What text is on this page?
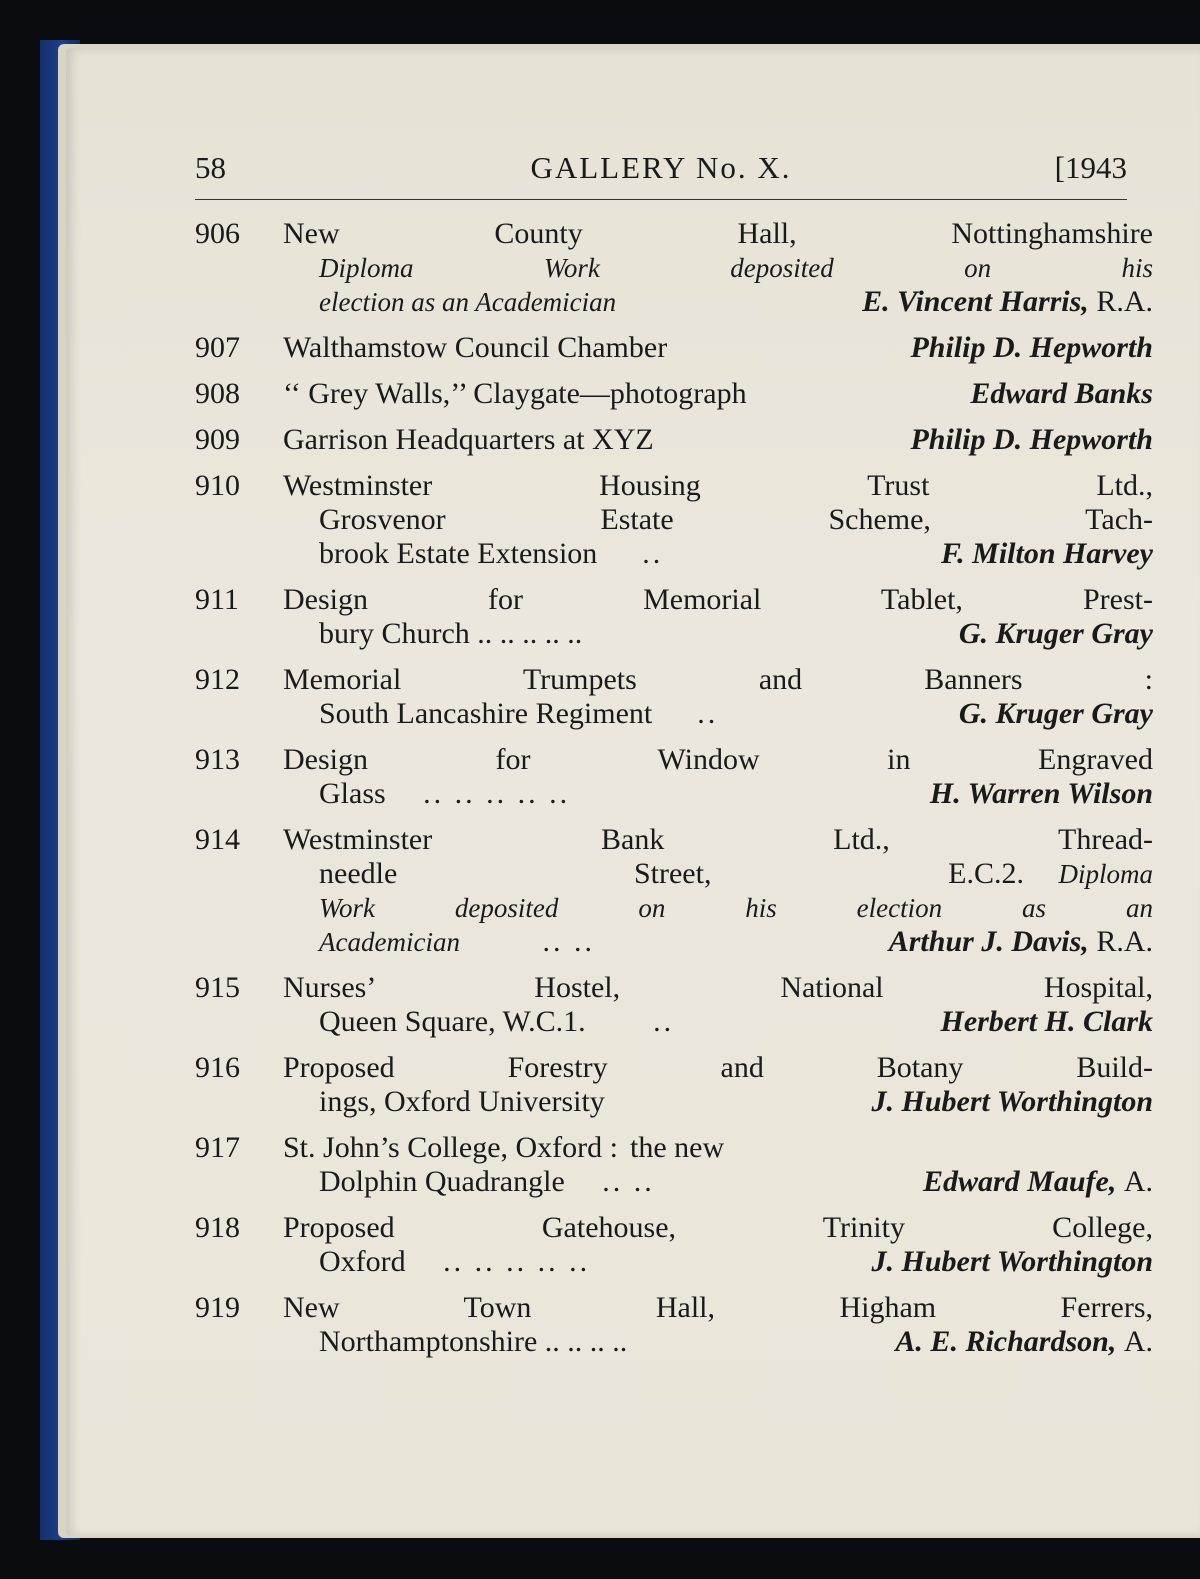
58	GALLERY No. X.	[1943
906 New County Hall, Nottinghamshire
Diploma Work deposited on his
election as an Academician	E. Vincent Harris, R.A.
907 Walthamstow Council Chamber	Philip D. Hepworth
908 ‘‘ Grey Walls,’’ Claygate—photograph	Edward Banks
909 Garrison Headquarters at XYZ	Philip D. Hepworth
910 Westminster Housing Trust Ltd.,
Grosvenor Estate Scheme, Tach-
brook Estate Extension ..	F. Milton Harvey
911 Design for Memorial Tablet, Prest-
bury Church .. .. .. .. ..	G. Kruger Gray
912 Memorial Trumpets and Banners :
South Lancashire Regiment ..	G. Kruger Gray
913 Design for Window in Engraved
Glass .. .. .. .. ..	H. Warren Wilson
914 Westminster Bank Ltd., Thread-
needle Street, E.C.2.	Diploma
Work deposited on his election as an
Academician	.. ..	Arthur J. Davis, R.A.
915 Nurses’ Hostel, National Hospital,
Queen Square, W.C.1. ..	Herbert H. Clark
916 Proposed Forestry and Botany Build-
ings, Oxford University	J. Hubert Worthington
917 St. John’s College, Oxford : the new
Dolphin Quadrangle .. ..	Edward Maufe, A.
918 Proposed Gatehouse, Trinity College,
Oxford .. .. .. .. ..	J. Hubert Worthington
919 New Town Hall, Higham Ferrers,
Northamptonshire .. .. .. ..	A. E. Richardson, A.
